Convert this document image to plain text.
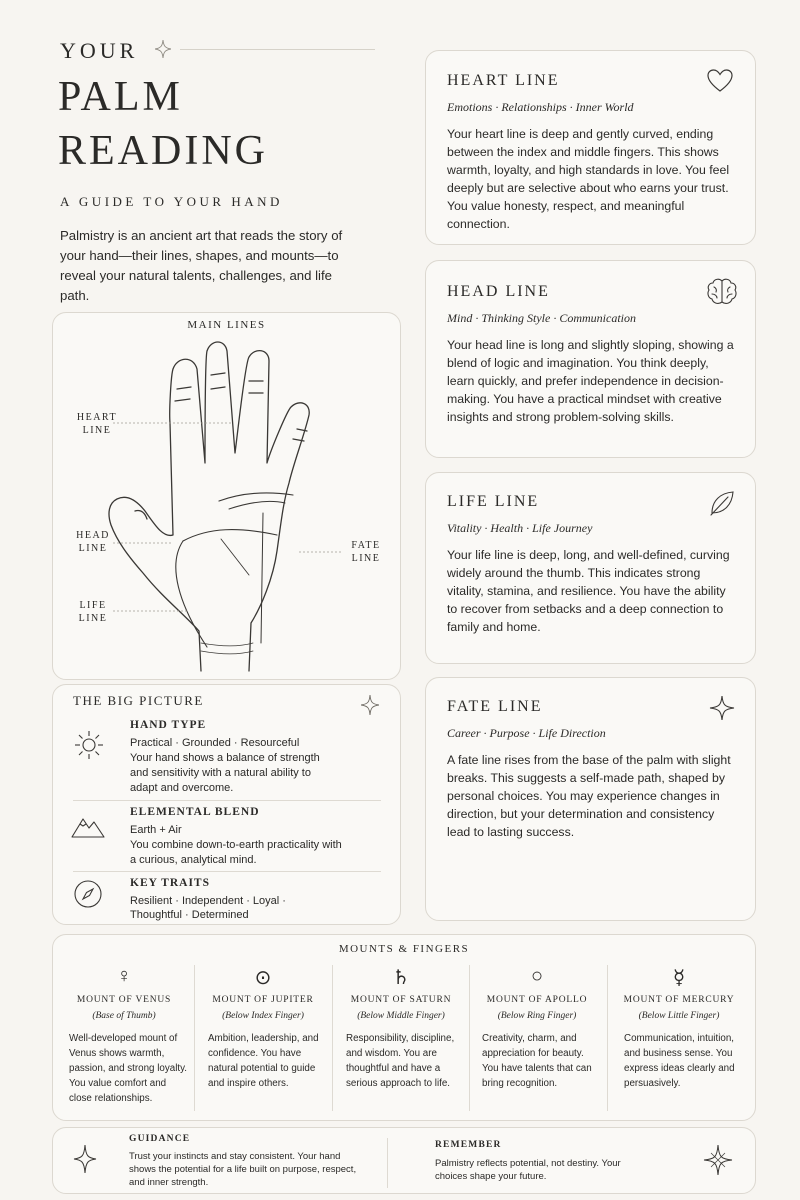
YOUR
PALM
READING
A GUIDE TO YOUR HAND
Palmistry is an ancient art that reads the story of your hand—their lines, shapes, and mounts—to reveal your natural talents, challenges, and life path.
MAIN LINES
HEART
LINE
HEAD
LINE
LIFE
LINE
FATE
LINE
THE BIG PICTURE
HAND TYPE
Practical · Grounded · Resourceful
Your hand shows a balance of strength and sensitivity with a natural ability to adapt and overcome.
ELEMENTAL BLEND
Earth + Air
You combine down-to-earth practicality with a curious, analytical mind.
KEY TRAITS
Resilient · Independent · Loyal ·
Thoughtful · Determined
HEART LINE
Emotions · Relationships · Inner World
Your heart line is deep and gently curved, ending between the index and middle fingers. This shows warmth, loyalty, and high standards in love. You feel deeply but are selective about who earns your trust. You value honesty, respect, and meaningful connection.
HEAD LINE
Mind · Thinking Style · Communication
Your head line is long and slightly sloping, showing a blend of logic and imagination. You think deeply, learn quickly, and prefer independence in decision-making. You have a practical mindset with creative insights and strong problem-solving skills.
LIFE LINE
Vitality · Health · Life Journey
Your life line is deep, long, and well-defined, curving widely around the thumb. This indicates strong vitality, stamina, and resilience. You have the ability to recover from setbacks and a deep connection to family and home.
FATE LINE
Career · Purpose · Life Direction
A fate line rises from the base of the palm with slight breaks. This suggests a self-made path, shaped by personal choices. You may experience changes in direction, but your determination and consistency lead to lasting success.
MOUNTS & FINGERS
♀
MOUNT OF VENUS
(Base of Thumb)
Well-developed mount of Venus shows warmth, passion, and strong loyalty. You value comfort and close relationships.
⊙
MOUNT OF JUPITER
(Below Index Finger)
Ambition, leadership, and confidence. You have natural potential to guide and inspire others.
♄
MOUNT OF SATURN
(Below Middle Finger)
Responsibility, discipline, and wisdom. You are thoughtful and have a serious approach to life.
○
MOUNT OF APOLLO
(Below Ring Finger)
Creativity, charm, and appreciation for beauty. You have talents that can bring recognition.
☿
MOUNT OF MERCURY
(Below Little Finger)
Communication, intuition, and business sense. You express ideas clearly and persuasively.
GUIDANCE
Trust your instincts and stay consistent. Your hand shows the potential for a life built on purpose, respect, and inner strength.
REMEMBER
Palmistry reflects potential, not destiny. Your choices shape your future.
